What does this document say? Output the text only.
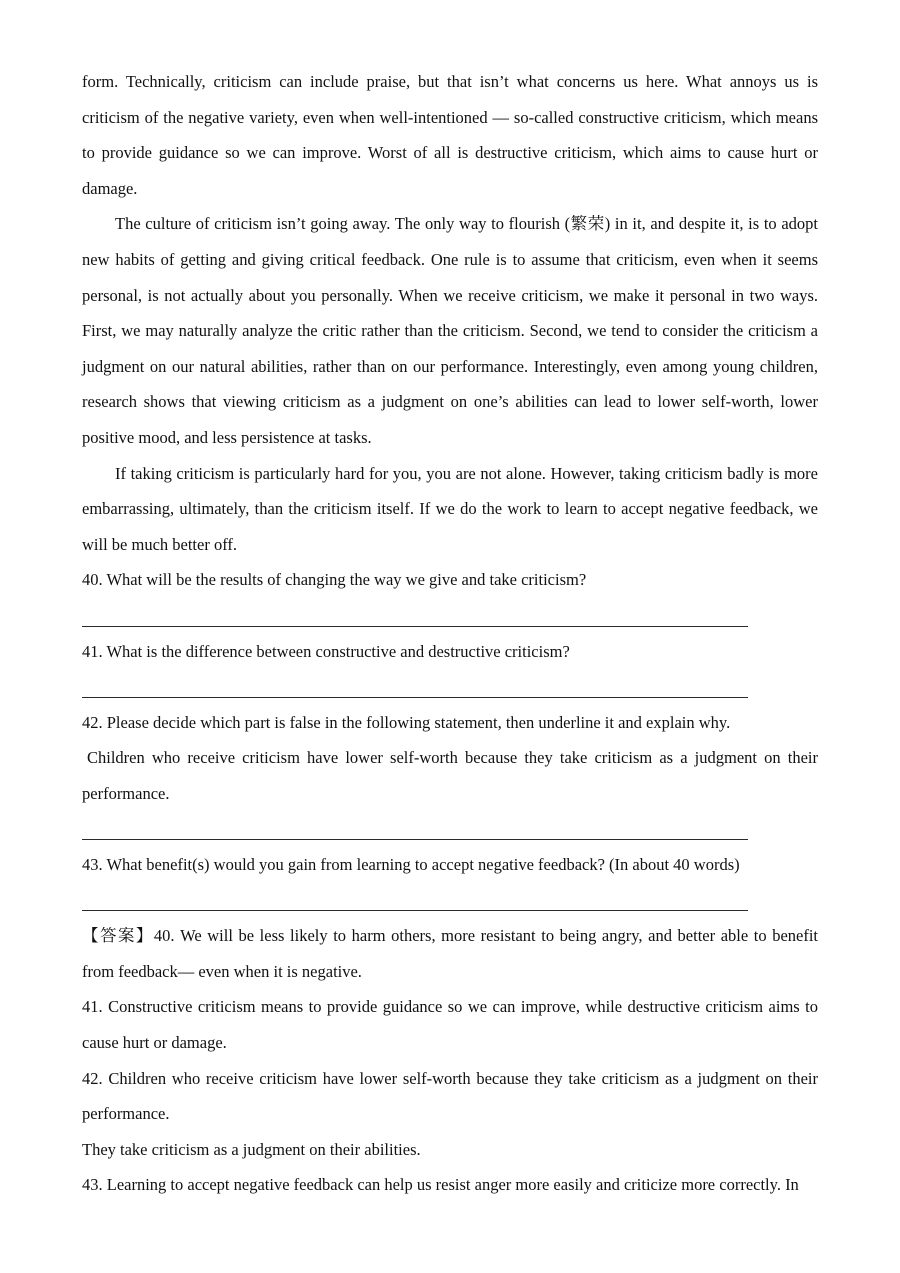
form. Technically, criticism can include praise, but that isn’t what concerns us here. What annoys us is criticism of the negative variety, even when well-intentioned — so-called constructive criticism, which means to provide guidance so we can improve. Worst of all is destructive criticism, which aims to cause hurt or damage.

The culture of criticism isn’t going away. The only way to flourish (繁荣) in it, and despite it, is to adopt new habits of getting and giving critical feedback. One rule is to assume that criticism, even when it seems personal, is not actually about you personally. When we receive criticism, we make it personal in two ways. First, we may naturally analyze the critic rather than the criticism. Second, we tend to consider the criticism a judgment on our natural abilities, rather than on our performance. Interestingly, even among young children, research shows that viewing criticism as a judgment on one’s abilities can lead to lower self-worth, lower positive mood, and less persistence at tasks.

If taking criticism is particularly hard for you, you are not alone. However, taking criticism badly is more embarrassing, ultimately, than the criticism itself. If we do the work to learn to accept negative feedback, we will be much better off.

40. What will be the results of changing the way we give and take criticism?

41. What is the difference between constructive and destructive criticism?

42. Please decide which part is false in the following statement, then underline it and explain why.

Children who receive criticism have lower self-worth because they take criticism as a judgment on their performance.

43. What benefit(s) would you gain from learning to accept negative feedback? (In about 40 words)

【答案】40. We will be less likely to harm others, more resistant to being angry, and better able to benefit from feedback— even when it is negative.

41. Constructive criticism means to provide guidance so we can improve, while destructive criticism aims to cause hurt or damage.

42. Children who receive criticism have lower self-worth because they take criticism as a judgment on their performance.

They take criticism as a judgment on their abilities.

43. Learning to accept negative feedback can help us resist anger more easily and criticize more correctly. In
